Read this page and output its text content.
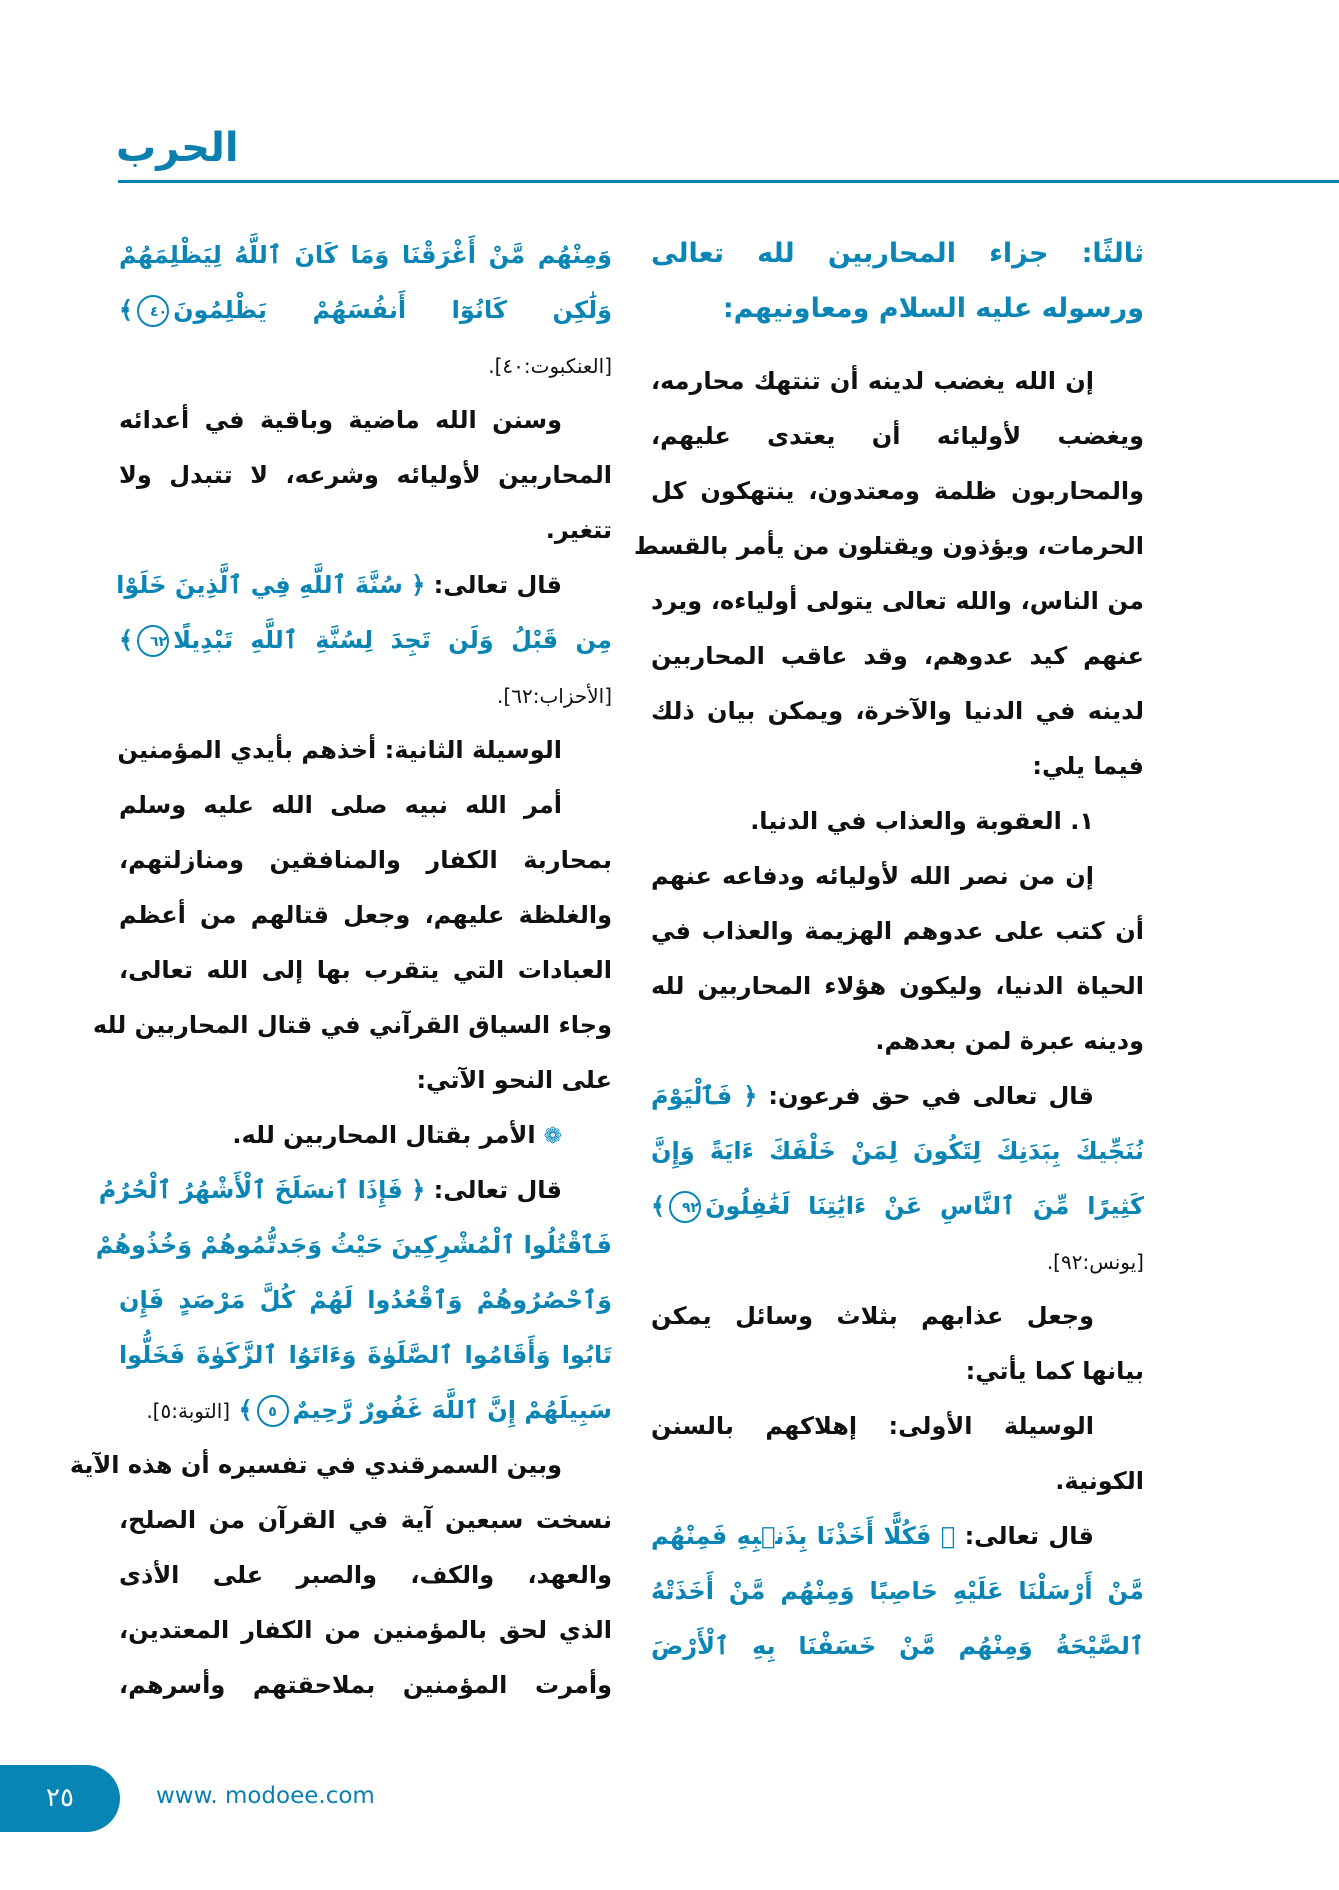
الحرب
ثالثًا: جزاء المحاربين لله تعالى
ورسوله عليه السلام ومعاونيهم:
إن الله يغضب لدينه أن تنتهك محارمه،
ويغضب لأوليائه أن يعتدى عليهم،
والمحاربون ظلمة ومعتدون، ينتهكون كل
الحرمات، ويؤذون ويقتلون من يأمر بالقسط
من الناس، والله تعالى يتولى أولياءه، ويرد
عنهم كيد عدوهم، وقد عاقب المحاربين
لدينه في الدنيا والآخرة، ويمكن بيان ذلك
فيما يلي:
١. العقوبة والعذاب في الدنيا.
إن من نصر الله لأوليائه ودفاعه عنهم
أن كتب على عدوهم الهزيمة والعذاب في
الحياة الدنيا، وليكون هؤلاء المحاربين لله
ودينه عبرة لمن بعدهم.
قال تعالى في حق فرعون: ﴿ فَٱلْيَوْمَ
نُنَجِّيكَ بِبَدَنِكَ لِتَكُونَ لِمَنْ خَلْفَكَ ءَايَةً وَإِنَّ
كَثِيرًا مِّنَ ٱلنَّاسِ عَنْ ءَايَٰتِنَا لَغَٰفِلُونَ٩٢﴾
[يونس:٩٢].
وجعل عذابهم بثلاث وسائل يمكن
بيانها كما يأتي:
الوسيلة الأولى: إهلاكهم بالسنن
الكونية.
قال تعالى: ﴿ فَكُلًّا أَخَذْنَا بِذَنۢبِهِ فَمِنْهُم
مَّنْ أَرْسَلْنَا عَلَيْهِ حَاصِبًا وَمِنْهُم مَّنْ أَخَذَتْهُ
ٱلصَّيْحَةُ وَمِنْهُم مَّنْ خَسَفْنَا بِهِ ٱلْأَرْضَ
وَمِنْهُم مَّنْ أَغْرَقْنَا وَمَا كَانَ ٱللَّهُ لِيَظْلِمَهُمْ
وَلَٰكِن كَانُوٓا أَنفُسَهُمْ يَظْلِمُونَ٤٠﴾
[العنكبوت:٤٠].
وسنن الله ماضية وباقية في أعدائه
المحاربين لأوليائه وشرعه، لا تتبدل ولا
تتغير.
قال تعالى: ﴿ سُنَّةَ ٱللَّهِ فِي ٱلَّذِينَ خَلَوْا
مِن قَبْلُ وَلَن تَجِدَ لِسُنَّةِ ٱللَّهِ تَبْدِيلًا٦٢﴾
[الأحزاب:٦٢].
الوسيلة الثانية: أخذهم بأيدي المؤمنين
أمر الله نبيه صلى الله عليه وسلم
بمحاربة الكفار والمنافقين ومنازلتهم،
والغلظة عليهم، وجعل قتالهم من أعظم
العبادات التي يتقرب بها إلى الله تعالى،
وجاء السياق القرآني في قتال المحاربين لله
على النحو الآتي:
❁الأمر بقتال المحاربين لله.
قال تعالى: ﴿ فَإِذَا ٱنسَلَخَ ٱلْأَشْهُرُ ٱلْحُرُمُ
فَٱقْتُلُوا ٱلْمُشْرِكِينَ حَيْثُ وَجَدتُّمُوهُمْ وَخُذُوهُمْ
وَٱحْصُرُوهُمْ وَٱقْعُدُوا لَهُمْ كُلَّ مَرْصَدٍ فَإِن
تَابُوا وَأَقَامُوا ٱلصَّلَوٰةَ وَءَاتَوُا ٱلزَّكَوٰةَ فَخَلُّوا
سَبِيلَهُمْ إِنَّ ٱللَّهَ غَفُورٌ رَّحِيمٌ٥﴾ [التوبة:٥].
وبين السمرقندي في تفسيره أن هذه الآية
نسخت سبعين آية في القرآن من الصلح،
والعهد، والكف، والصبر على الأذى
الذي لحق بالمؤمنين من الكفار المعتدين،
وأمرت المؤمنين بملاحقتهم وأسرهم،
٢٥	www. modoee.com
